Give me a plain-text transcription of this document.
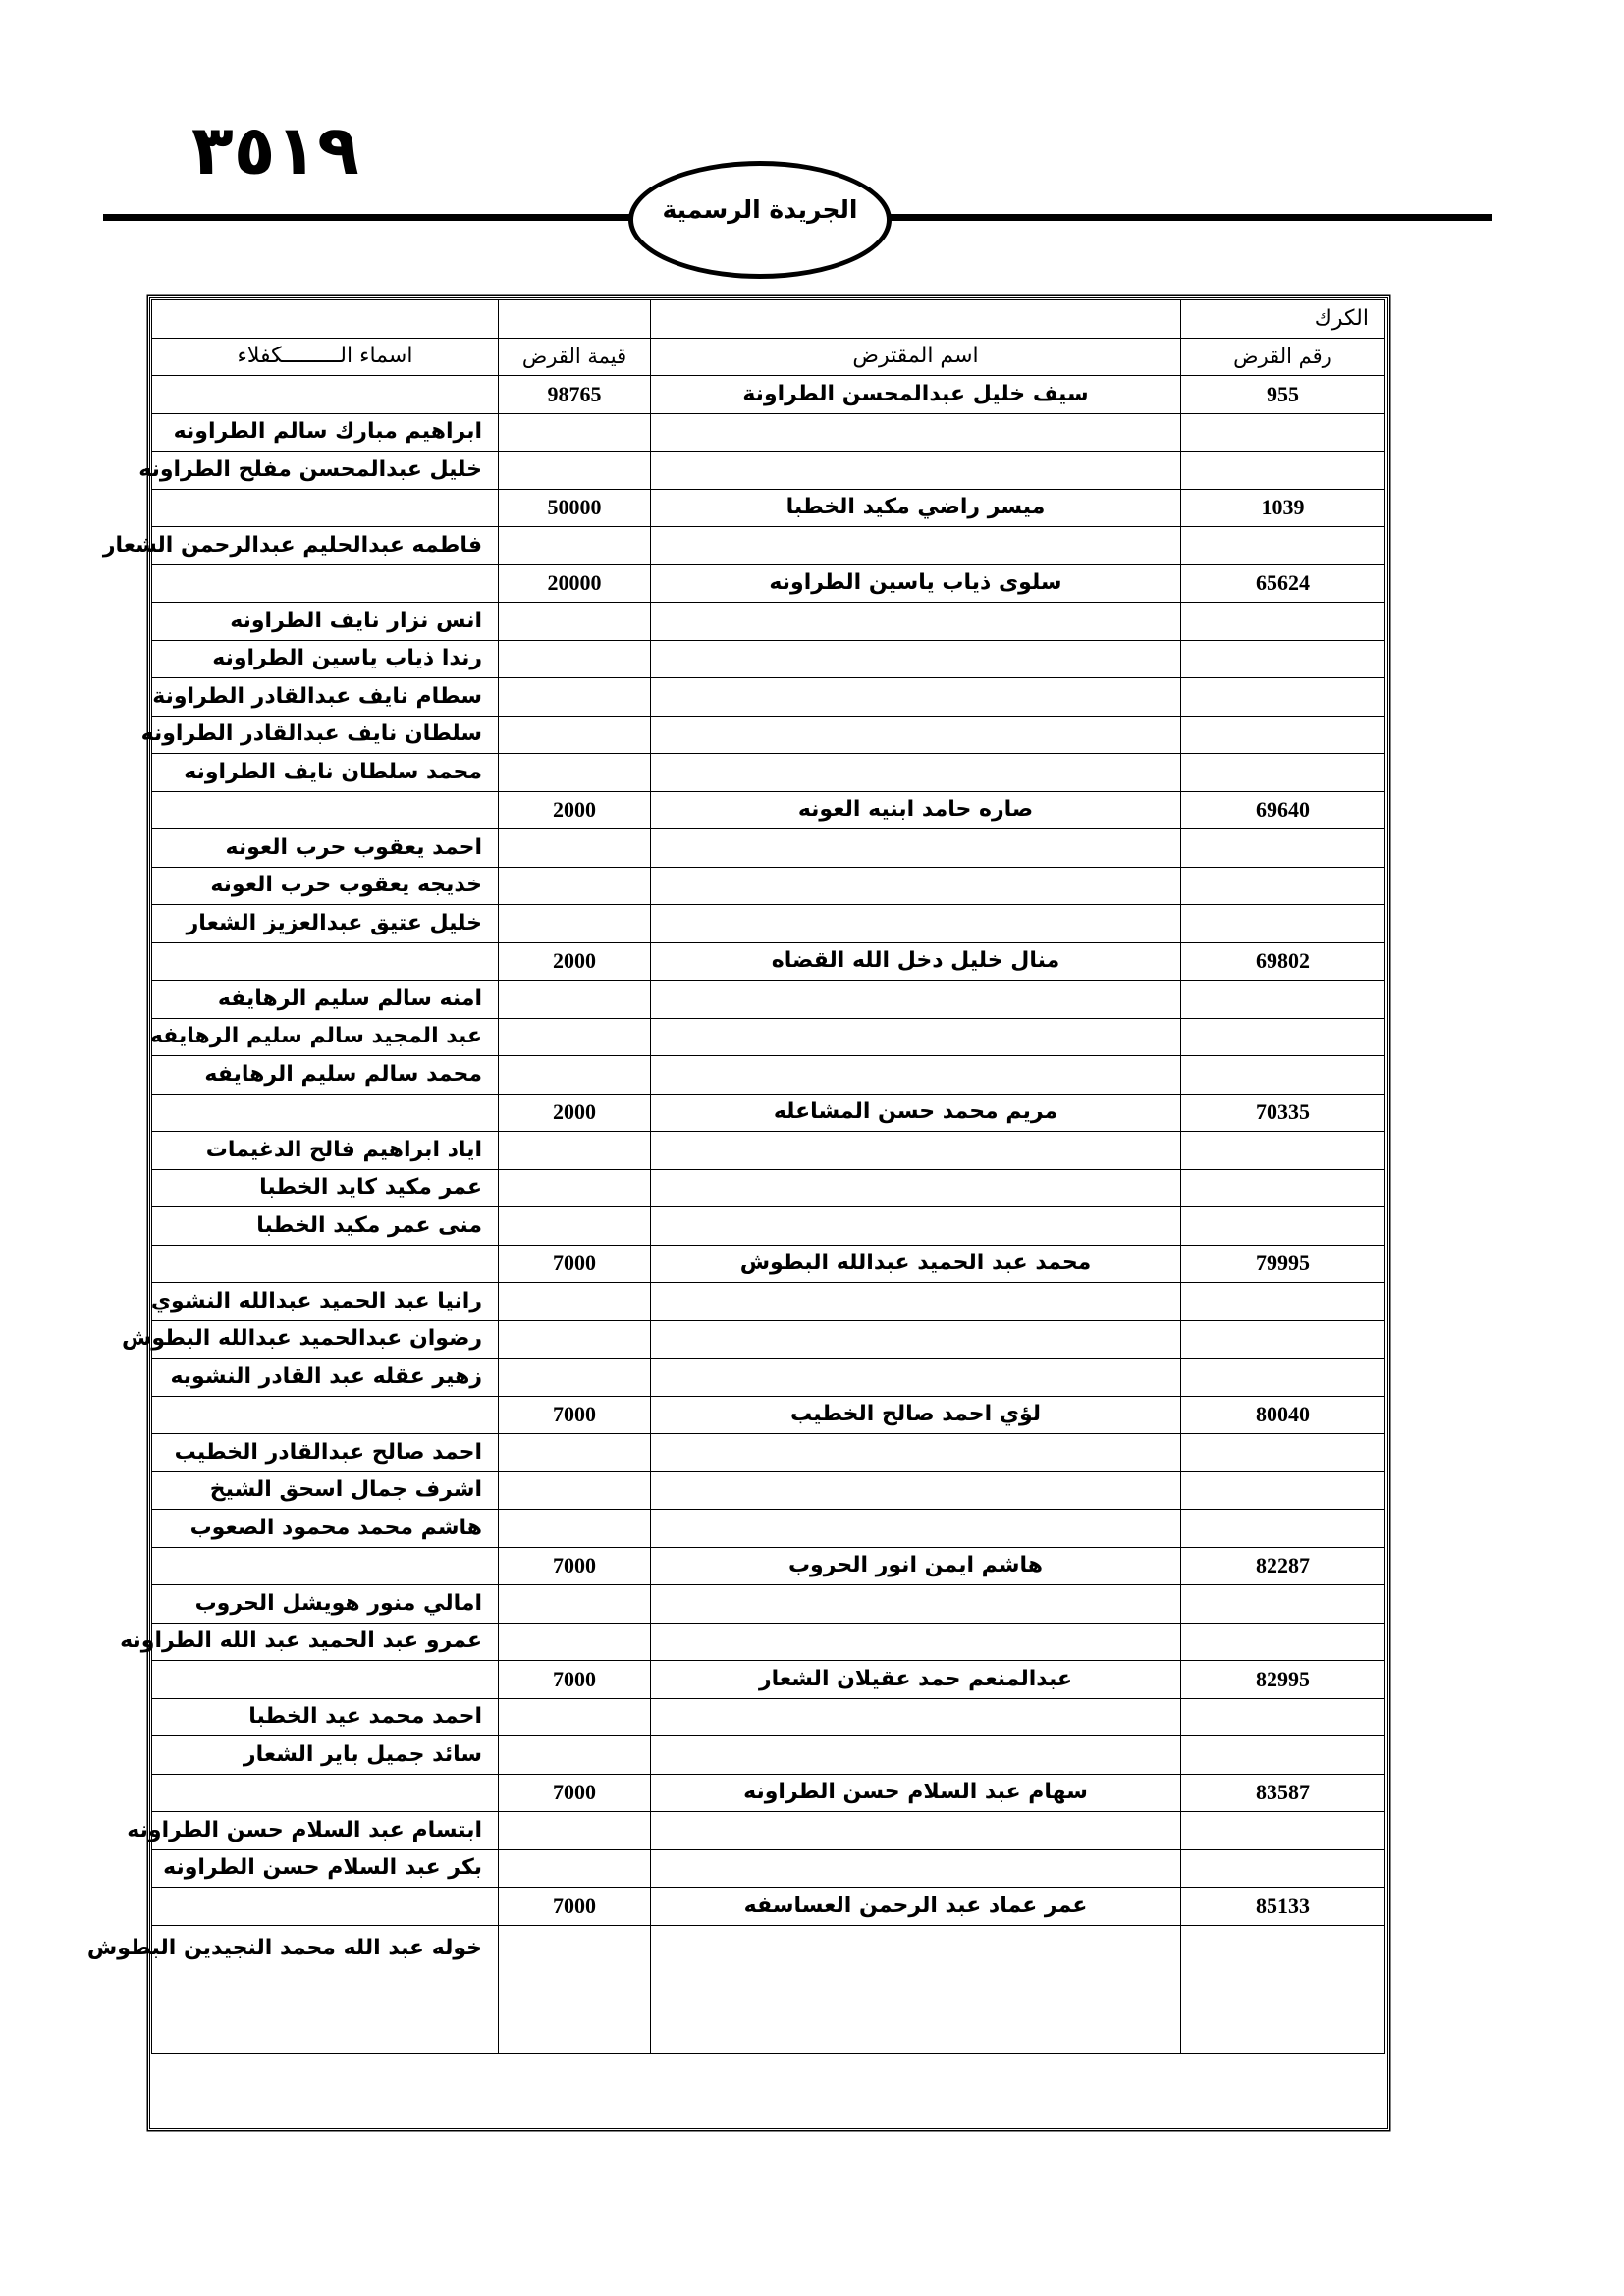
٣٥١٩
الجريدة الرسمية
الكرك			
رقم القرض	اسم المقترض	قيمة القرض	اسماء الـــــــــكفلاء
955	سيف خليل عبدالمحسن الطراونة	98765	
			ابراهيم مبارك سالم الطراونه
			خليل عبدالمحسن مفلح الطراونه
1039	ميسر راضي مكيد الخطبا	50000	
			فاطمه عبدالحليم عبدالرحمن الشعار
65624	سلوى ذياب ياسين الطراونه	20000	
			انس نزار نايف الطراونه
			رندا ذياب ياسين الطراونه
			سطام نايف عبدالقادر الطراونة
			سلطان نايف عبدالقادر الطراونه
			محمد سلطان نايف الطراونه
69640	صاره حامد ابنيه العونه	2000	
			احمد يعقوب حرب العونه
			خديجه يعقوب حرب العونه
			خليل عتيق عبدالعزيز الشعار
69802	منال خليل دخل الله القضاه	2000	
			امنه سالم سليم الرهايفه
			عبد المجيد سالم سليم الرهايفه
			محمد سالم سليم الرهايفه
70335	مريم محمد حسن المشاعله	2000	
			اياد ابراهيم فالح الدغيمات
			عمر مكيد كايد الخطبا
			منى عمر مكيد الخطبا
79995	محمد عبد الحميد عبدالله البطوش	7000	
			رانيا عبد الحميد عبدالله النشوي
			رضوان عبدالحميد عبدالله البطوش
			زهير عقله عبد القادر النشويه
80040	لؤي احمد صالح الخطيب	7000	
			احمد صالح عبدالقادر الخطيب
			اشرف جمال اسحق الشيخ
			هاشم محمد محمود الصعوب
82287	هاشم ايمن انور الحروب	7000	
			امالي منور هويشل الحروب
			عمرو عبد الحميد عبد الله الطراونه
82995	عبدالمنعم حمد عقيلان الشعار	7000	
			احمد محمد عيد الخطبا
			سائد جميل باير الشعار
83587	سهام عبد السلام حسن الطراونه	7000	
			ابتسام عبد السلام حسن الطراونه
			بكر عبد السلام حسن الطراونه
85133	عمر عماد عبد الرحمن العساسفه	7000	
			خوله عبد الله محمد النجيدين البطوش
